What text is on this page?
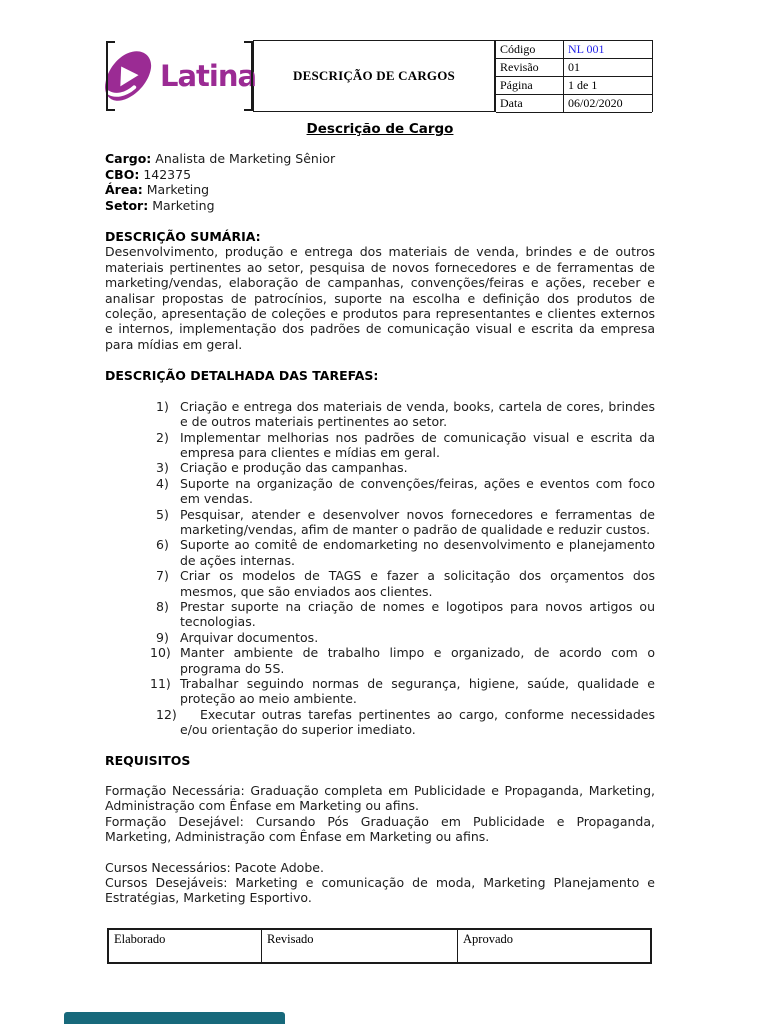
Latina	DESCRIÇÃO DE CARGOS
Código	NL 001
Revisão	01
Página	1 de 1
Data	06/02/2020
Descrição de Cargo
Cargo: Analista de Marketing Sênior
CBO: 142375
Área: Marketing
Setor: Marketing
DESCRIÇÃO SUMÁRIA:
Desenvolvimento, produção e entrega dos materiais de venda, brindes e de outros materiais pertinentes ao setor, pesquisa de novos fornecedores e de ferramentas de marketing/vendas, elaboração de campanhas, convenções/feiras e ações, receber e analisar propostas de patrocínios, suporte na escolha e definição dos produtos de coleção, apresentação de coleções e produtos para representantes e clientes externos e internos, implementação dos padrões de comunicação visual e escrita da empresa para mídias em geral.
DESCRIÇÃO DETALHADA DAS TAREFAS:
1) Criação e entrega dos materiais de venda, books, cartela de cores, brindes e de outros materiais pertinentes ao setor.
2) Implementar melhorias nos padrões de comunicação visual e escrita da empresa para clientes e mídias em geral.
3) Criação e produção das campanhas.
4) Suporte na organização de convenções/feiras, ações e eventos com foco em vendas.
5) Pesquisar, atender e desenvolver novos fornecedores e ferramentas de marketing/vendas, afim de manter o padrão de qualidade e reduzir custos.
6) Suporte ao comitê de endomarketing no desenvolvimento e planejamento de ações internas.
7) Criar os modelos de TAGS e fazer a solicitação dos orçamentos dos mesmos, que são enviados aos clientes.
8) Prestar suporte na criação de nomes e logotipos para novos artigos ou tecnologias.
9) Arquivar documentos.
10) Manter ambiente de trabalho limpo e organizado, de acordo com o programa do 5S.
11) Trabalhar seguindo normas de segurança, higiene, saúde, qualidade e proteção ao meio ambiente.
12)	Executar outras tarefas pertinentes ao cargo, conforme necessidades e/ou orientação do superior imediato.
REQUISITOS
Formação Necessária: Graduação completa em Publicidade e Propaganda, Marketing, Administração com Ênfase em Marketing ou afins.
Formação Desejável: Cursando Pós Graduação em Publicidade e Propaganda, Marketing, Administração com Ênfase em Marketing ou afins.
Cursos Necessários: Pacote Adobe.
Cursos Desejáveis: Marketing e comunicação de moda, Marketing Planejamento e Estratégias, Marketing Esportivo.
Elaborado	Revisado	Aprovado
